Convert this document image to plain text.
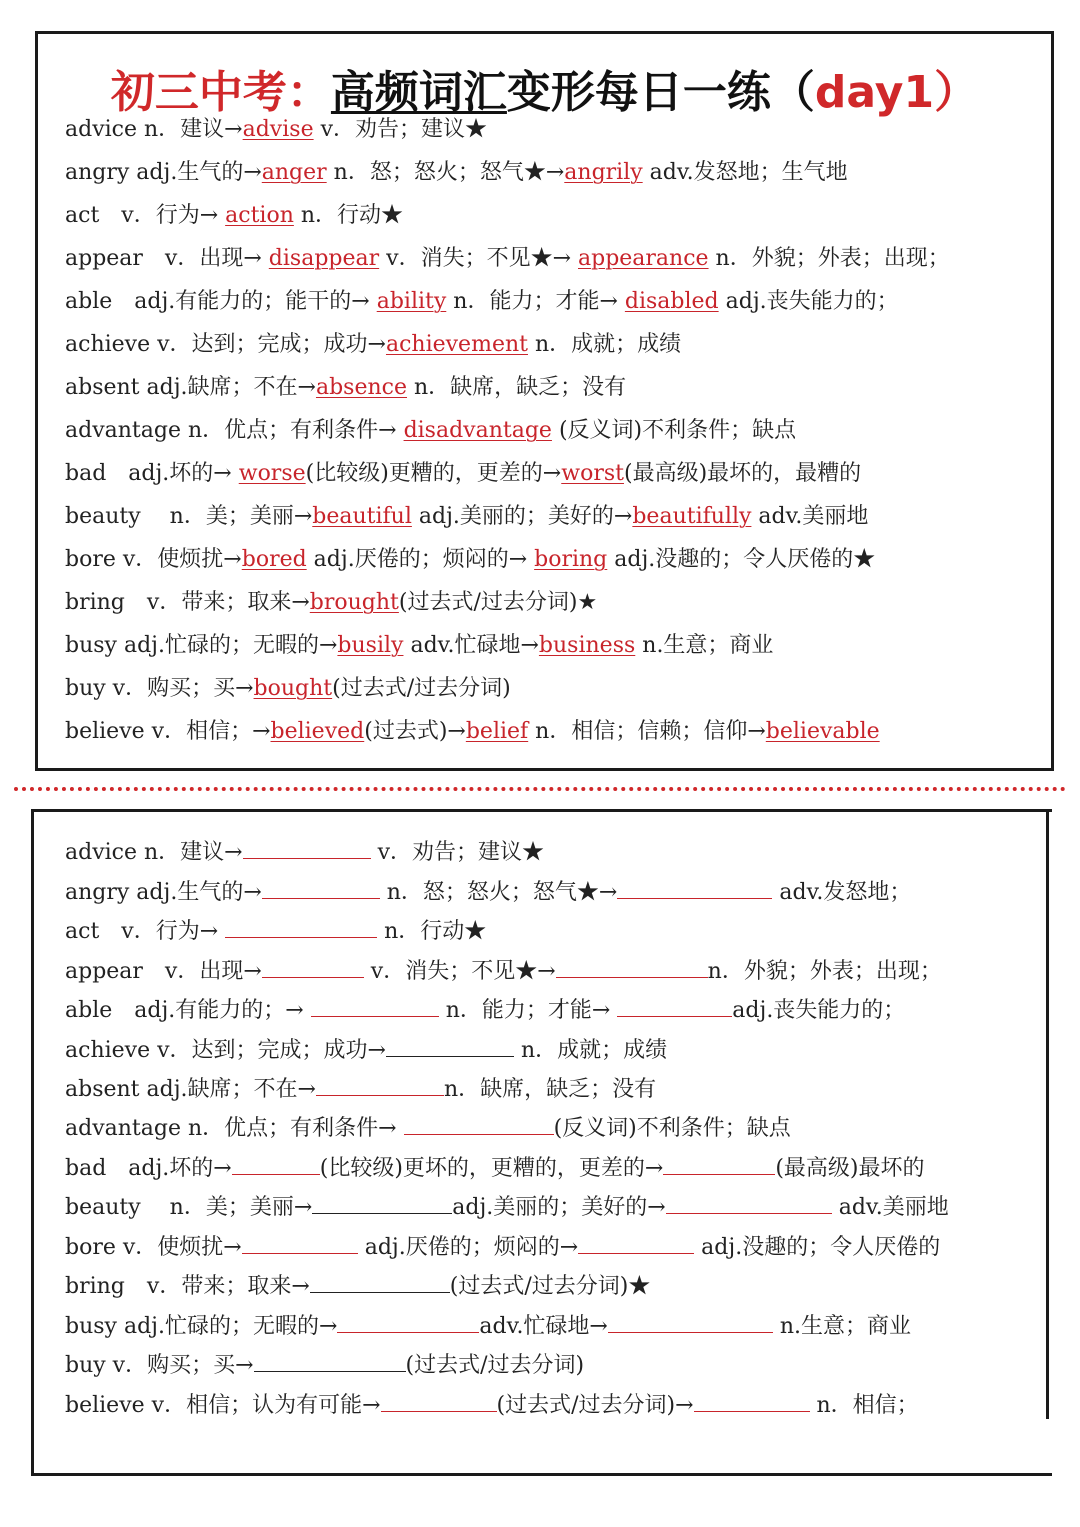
初三中考：高频词汇变形每日一练（day1）
advice n．建议→advise v．劝告；建议★
angry adj.生气的→anger n．怒；怒火；怒气★→angrily adv.发怒地；生气地
act　v．行为→ action n．行动★
appear　v．出现→ disappear v．消失；不见★→ appearance n．外貌；外表；出现；
able　adj.有能力的；能干的→ ability n．能力；才能→ disabled adj.丧失能力的；
achieve v．达到；完成；成功→achievement n．成就；成绩
absent adj.缺席；不在→absence n．缺席，缺乏；没有
advantage n．优点；有利条件→ disadvantage (反义词)不利条件；缺点
bad　adj.坏的→ worse(比较级)更糟的，更差的→worst(最高级)最坏的，最糟的
beauty　 n．美；美丽→beautiful adj.美丽的；美好的→beautifully adv.美丽地
bore v．使烦扰→bored adj.厌倦的；烦闷的→ boring adj.没趣的；令人厌倦的★
bring　v．带来；取来→brought(过去式/过去分词)★
busy adj.忙碌的；无暇的→busily adv.忙碌地→business n.生意；商业
buy v．购买；买→bought(过去式/过去分词)
believe v．相信；→believed(过去式)→belief n．相信；信赖；信仰→believable
advice n．建议→	v．劝告；建议★
angry adj.生气的→	n．怒；怒火；怒气★→	adv.发怒地；
act　v．行为→	n．行动★
appear　v．出现→	v．消失；不见★→	n．外貌；外表；出现；
able　adj.有能力的；→	n．能力；才能→	adj.丧失能力的；
achieve v．达到；完成；成功→	n．成就；成绩
absent adj.缺席；不在→	n．缺席，缺乏；没有
advantage n．优点；有利条件→	(反义词)不利条件；缺点
bad　adj.坏的→	(比较级)更坏的，更糟的，更差的→	(最高级)最坏的
beauty　 n．美；美丽→	adj.美丽的；美好的→	adv.美丽地
bore v．使烦扰→	adj.厌倦的；烦闷的→	adj.没趣的；令人厌倦的
bring　v．带来；取来→	(过去式/过去分词)★
busy adj.忙碌的；无暇的→	adv.忙碌地→	n.生意；商业
buy v．购买；买→	(过去式/过去分词)
believe v．相信；认为有可能→	(过去式/过去分词)→	n．相信；
